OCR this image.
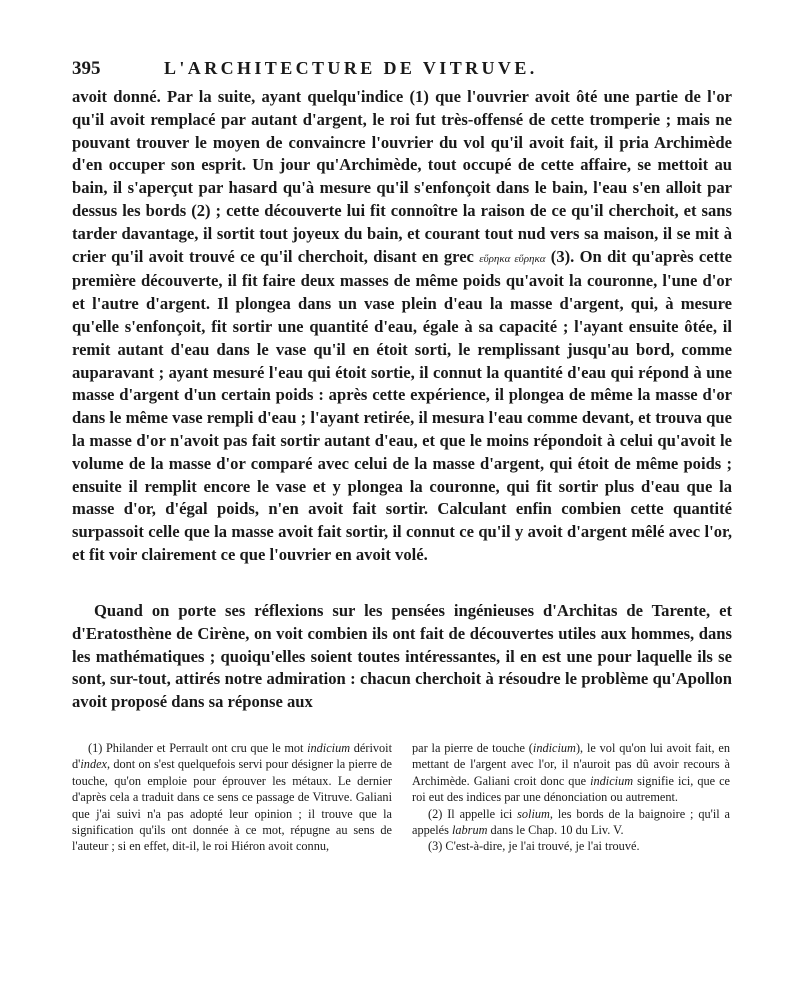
395	L'ARCHITECTURE DE VITRUVE.
avoit donné. Par la suite, ayant quelqu'indice (1) que l'ouvrier avoit ôté une partie de l'or qu'il avoit remplacé par autant d'argent, le roi fut très-offensé de cette tromperie ; mais ne pouvant trouver le moyen de convaincre l'ouvrier du vol qu'il avoit fait, il pria Archimède d'en occuper son esprit. Un jour qu'Archimède, tout occupé de cette affaire, se mettoit au bain, il s'aperçut par hasard qu'à mesure qu'il s'enfonçoit dans le bain, l'eau s'en alloit par dessus les bords (2) ; cette découverte lui fit connoître la raison de ce qu'il cherchoit, et sans tarder davantage, il sortit tout joyeux du bain, et courant tout nud vers sa maison, il se mit à crier qu'il avoit trouvé ce qu'il cherchoit, disant en grec εὕρηκα εὕρηκα (3). On dit qu'après cette première découverte, il fit faire deux masses de même poids qu'avoit la couronne, l'une d'or et l'autre d'argent. Il plongea dans un vase plein d'eau la masse d'argent, qui, à mesure qu'elle s'enfonçoit, fit sortir une quantité d'eau, égale à sa capacité ; l'ayant ensuite ôtée, il remit autant d'eau dans le vase qu'il en étoit sorti, le remplissant jusqu'au bord, comme auparavant ; ayant mesuré l'eau qui étoit sortie, il connut la quantité d'eau qui répond à une masse d'argent d'un certain poids : après cette expérience, il plongea de même la masse d'or dans le même vase rempli d'eau ; l'ayant retirée, il mesura l'eau comme devant, et trouva que la masse d'or n'avoit pas fait sortir autant d'eau, et que le moins répondoit à celui qu'avoit le volume de la masse d'or comparé avec celui de la masse d'argent, qui étoit de même poids ; ensuite il remplit encore le vase et y plongea la couronne, qui fit sortir plus d'eau que la masse d'or, d'égal poids, n'en avoit fait sortir. Calculant enfin combien cette quantité surpassoit celle que la masse avoit fait sortir, il connut ce qu'il y avoit d'argent mêlé avec l'or, et fit voir clairement ce que l'ouvrier en avoit volé.
Quand on porte ses réflexions sur les pensées ingénieuses d'Architas de Tarente, et d'Eratosthène de Cirène, on voit combien ils ont fait de découvertes utiles aux hommes, dans les mathématiques ; quoiqu'elles soient toutes intéressantes, il en est une pour laquelle ils se sont, sur-tout, attirés notre admiration : chacun cherchoit à résoudre le problème qu'Apollon avoit proposé dans sa réponse aux

(1) Philander et Perrault ont cru que le mot indicium dérivoit d'index, dont on s'est quelquefois servi pour désigner la pierre de touche, qu'on emploie pour éprouver les métaux. Le dernier d'après cela a traduit dans ce sens ce passage de Vitruve. Galiani que j'ai suivi n'a pas adopté leur opinion ; il trouve que la signification qu'ils ont donnée à ce mot, répugne au sens de l'auteur ; si en effet, dit-il, le roi Hiéron avoit connu,

par la pierre de touche (indicium), le vol qu'on lui avoit fait, en mettant de l'argent avec l'or, il n'auroit pas dû avoir recours à Archimède. Galiani croit donc que indicium signifie ici, que ce roi eut des indices par une dénonciation ou autrement.

(2) Il appelle ici solium, les bords de la baignoire ; qu'il a appelés labrum dans le Chap. 10 du Liv. V.

(3) C'est-à-dire, je l'ai trouvé, je l'ai trouvé.
